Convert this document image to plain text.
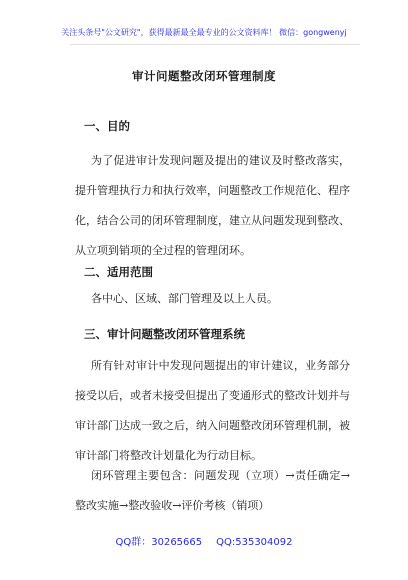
关注头条号"公文研究"，获得最新最全最专业的公文资料库！ 微信：gongwenyj
审计问题整改闭环管理制度
一、目的

为了促进审计发现问题及提出的建议及时整改落实，
提升管理执行力和执行效率，问题整改工作规范化、程序
化，结合公司的闭环管理制度，建立从问题发现到整改、
从立项到销项的全过程的管理闭环。

二、适用范围

各中心、区域、部门管理及以上人员。

三、审计问题整改闭环管理系统

所有针对审计中发现问题提出的审计建议，业务部分
接受以后，或者未接受但提出了变通形式的整改计划并与
审计部门达成一致之后，纳入问题整改闭环管理机制，被
审计部门将整改计划量化为行动目标。

闭环管理主要包含：问题发现（立项）→责任确定→
整改实施→整改验收→评价考核（销项）

QQ群：30265665 QQ:535304092
